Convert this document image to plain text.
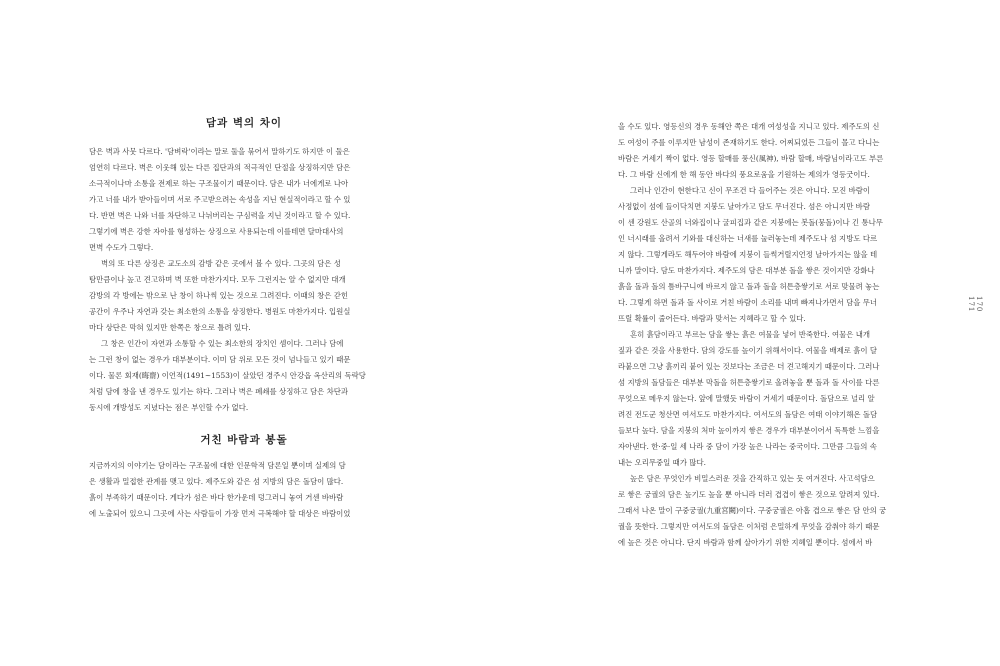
담과 벽의 차이

담은 벽과 사뭇 다르다. '담벼락'이라는 말로 둘을 묶어서 말하기도 하지만 이 둘은

엄연히 다르다. 벽은 이웃해 있는 다른 집단과의 적극적인 단절을 상징하지만 담은

소극적이나마 소통을 전제로 하는 구조물이기 때문이다. 담은 내가 너에게로 나아

가고 너를 내가 받아들이며 서로 주고받으려는 속성을 지닌 현실적이라고 할 수 있

다. 반면 벽은 나와 너를 차단하고 나뉘버리는 구심력을 지닌 것이라고 할 수 있다.

그렇기에 벽은 강한 자아를 형성하는 상징으로 사용되는데 이를테면 달마대사의

면벽 수도가 그렇다.

벽의 또 다른 상징은 교도소의 감방 같은 곳에서 볼 수 있다. 그곳의 담은 성

탐만큼이나 높고 견고하며 벽 또한 마찬가지다. 모두 그런지는 알 수 없지만 대개

감방의 각 방에는 밖으로 난 창이 하나씩 있는 것으로 그려진다. 이때의 창은 갇힌

공간이 우주나 자연과 갖는 최소한의 소통을 상징한다. 병원도 마찬가지다. 입원실

마다 상단은 막혀 있지만 한쪽은 창으로 틀려 있다.

그 창은 인간이 자연과 소통할 수 있는 최소한의 장치인 셈이다. 그러나 담에

는 그런 창이 없는 경우가 대부분이다. 이미 담 위로 모든 것이 넘나들고 있기 때문

이다. 물론 회재(晦齋) 이언적(1491~1553)이 살았던 경주시 안강읍 옥산리의 독락당

처럼 담에 창을 낸 경우도 있기는 하다. 그러나 벽은 폐쇄를 상징하고 담은 차단과

동시에 개방성도 지녔다는 점은 부인할 수가 없다.

거친 바람과 봉돌

지금까지의 이야기는 담이라는 구조물에 대한 인문학적 담론일 뿐이며 실제의 담

은 생활과 밀접한 관계를 맺고 있다. 제주도와 같은 섬 지방의 담은 돌담이 많다.

흙이 부족하기 때문이다. 게다가 섬은 바다 한가운데 덩그러니 놓여 거센 바바람

에 노출되어 있으니 그곳에 사는 사람들이 가장 먼저 극복해야 할 대상은 바람이었

을 수도 있다. 영등신의 경우 동해안 쪽은 대개 여성성을 지니고 있다. 제주도의 신

도 여성이 주를 이루지만 남성이 존재하기도 한다. 어찌되었든 그들이 몰고 다니는

바람은 거세기 짝이 없다. 영등 할매를 풍신(風神), 바람 할매, 바람님이라고도 부른

다. 그 바람 신에게 한 해 동안 바다의 풍요로움을 기원하는 제의가 영등굿이다.

그러나 인간이 현한다고 신이 무조건 다 들어주는 것은 아니다. 모진 바람이

사정없이 섬에 들이닥치면 지붕도 날아가고 담도 무너진다. 섬은 아니지만 바람

이 센 강원도 산골의 너와집이나 굴피집과 같은 지붕에는 봇돌(뭉돌)이나 긴 통나무

인 너시래를 올려서 기와를 대신하는 너새를 눌러놓는데 제주도나 섬 지방도 다르

지 않다. 그렇게라도 해두어야 바람에 지붕이 들썩거릴지언정 날아가지는 않을 테

니까 말이다. 담도 마찬가지다. 제주도의 담은 대부분 돌을 쌓은 것이지만 강화나

흙을 돌과 돌의 틈바구니에 바르지 않고 돌과 돌을 허튼층쌓기로 서로 맞물려 놓는

다. 그렇게 하면 돌과 돌 사이로 거친 바람이 소리를 내며 빠져나가면서 담을 무너

뜨릴 확률이 줄어든다. 바람과 맞서는 지혜라고 할 수 있다.

흔히 흙담이라고 부르는 담을 쌓는 흙은 여물을 넣어 반죽한다. 여물은 내개

짚과 같은 것을 사용한다. 담의 강도를 높이기 위해서이다. 여물을 배제로 흙이 달

라붙으면 그냥 흙끼리 붙어 있는 것보다는 조금은 더 견고해지기 때문이다. 그러나

섬 지방의 돌담들은 대부분 막돌을 허튼층쌓기로 올려놓을 뿐 돌과 돌 사이를 다른

무엇으로 메우지 않는다. 앞에 말했듯 바람이 거세기 때문이다. 돌담으로 널리 알

려진 전도군 청산면 여서도도 마찬가지다. 여서도의 돌담은 여태 이야기해온 돌담

들보다 높다. 담을 지붕의 처마 높이까지 쌓은 경우가 대부분이어서 독특한 느낌을

자아낸다. 한·중·일 세 나라 중 담이 가장 높은 나라는 중국이다. 그만큼 그들의 속

내는 오리무중일 때가 많다.

높은 담은 무엇인가 비밀스러운 것을 간직하고 있는 듯 여겨진다. 사고석담으

로 쌓은 궁궐의 담은 높기도 높을 뿐 아니라 더러 겹겹이 쌓은 것으로 알려져 있다.

그래서 나온 말이 구중궁궐(九重宮闕)이다. 구중궁궐은 아홉 겹으로 쌓은 담 안의 궁

궐을 뜻한다. 그렇지만 여서도의 돌담은 이처럼 은밀하게 무엇을 감춰야 하기 때문

에 높은 것은 아니다. 단지 바람과 함께 살아가기 위한 지혜일 뿐이다. 섬에서 바

170
171
